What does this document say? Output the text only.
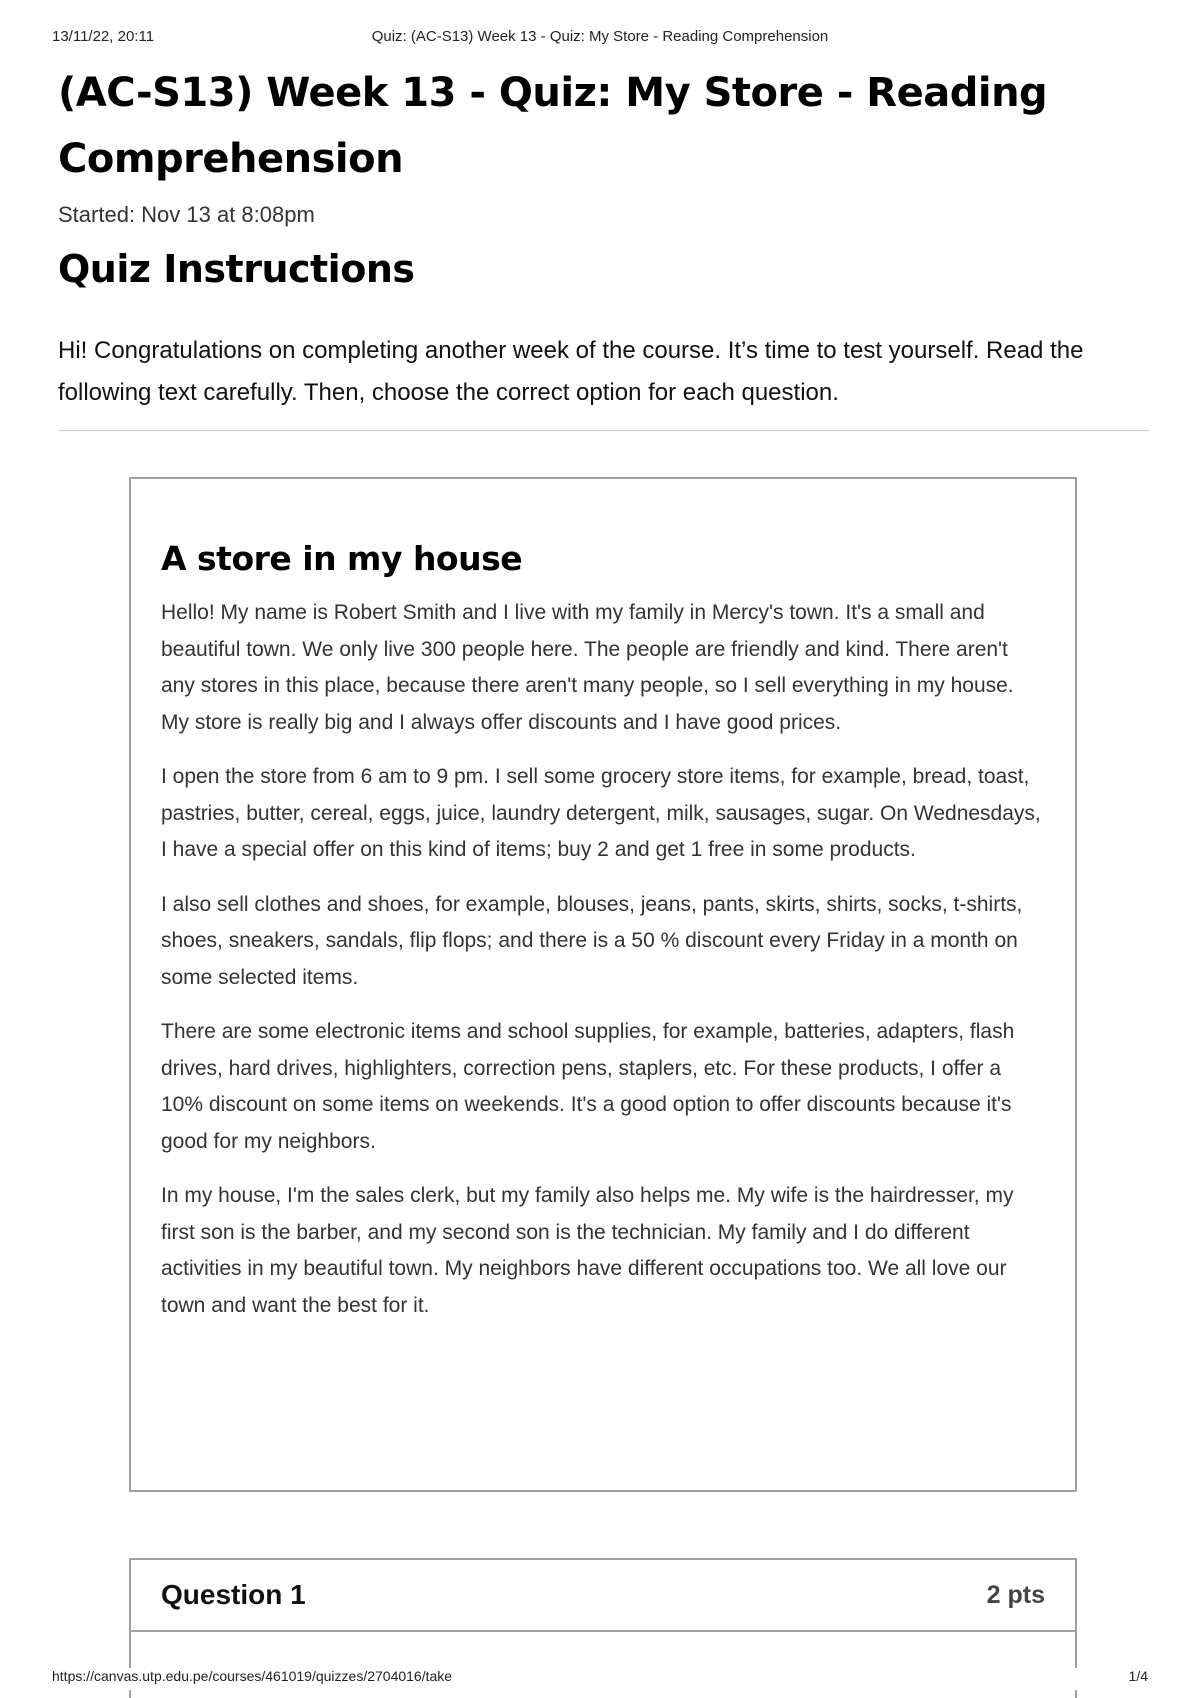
13/11/22, 20:11	Quiz: (AC-S13) Week 13 - Quiz: My Store - Reading Comprehension
(AC-S13) Week 13 - Quiz: My Store - Reading Comprehension
Started: Nov 13 at 8:08pm
Quiz Instructions
Hi! Congratulations on completing another week of the course. It’s time to test yourself. Read the following text carefully. Then, choose the correct option for each question.
A store in my house

Hello! My name is Robert Smith and I live with my family in Mercy's town. It's a small and beautiful town. We only live 300 people here. The people are friendly and kind. There aren't any stores in this place, because there aren't many people, so I sell everything in my house. My store is really big and I always offer discounts and I have good prices.

I open the store from 6 am to 9 pm. I sell some grocery store items, for example, bread, toast, pastries, butter, cereal, eggs, juice, laundry detergent, milk, sausages, sugar. On Wednesdays, I have a special offer on this kind of items; buy 2 and get 1 free in some products.

I also sell clothes and shoes, for example, blouses, jeans, pants, skirts, shirts, socks, t-shirts, shoes, sneakers, sandals, flip flops; and there is a 50 % discount every Friday in a month on some selected items.

There are some electronic items and school supplies, for example, batteries, adapters, flash drives, hard drives, highlighters, correction pens, staplers, etc. For these products, I offer a 10% discount on some items on weekends. It's a good option to offer discounts because it's good for my neighbors.

In my house, I'm the sales clerk, but my family also helps me. My wife is the hairdresser, my first son is the barber, and my second son is the technician. My family and I do different activities in my beautiful town. My neighbors have different occupations too. We all love our town and want the best for it.

Question 1	2 pts
https://canvas.utp.edu.pe/courses/461019/quizzes/2704016/take	1/4
